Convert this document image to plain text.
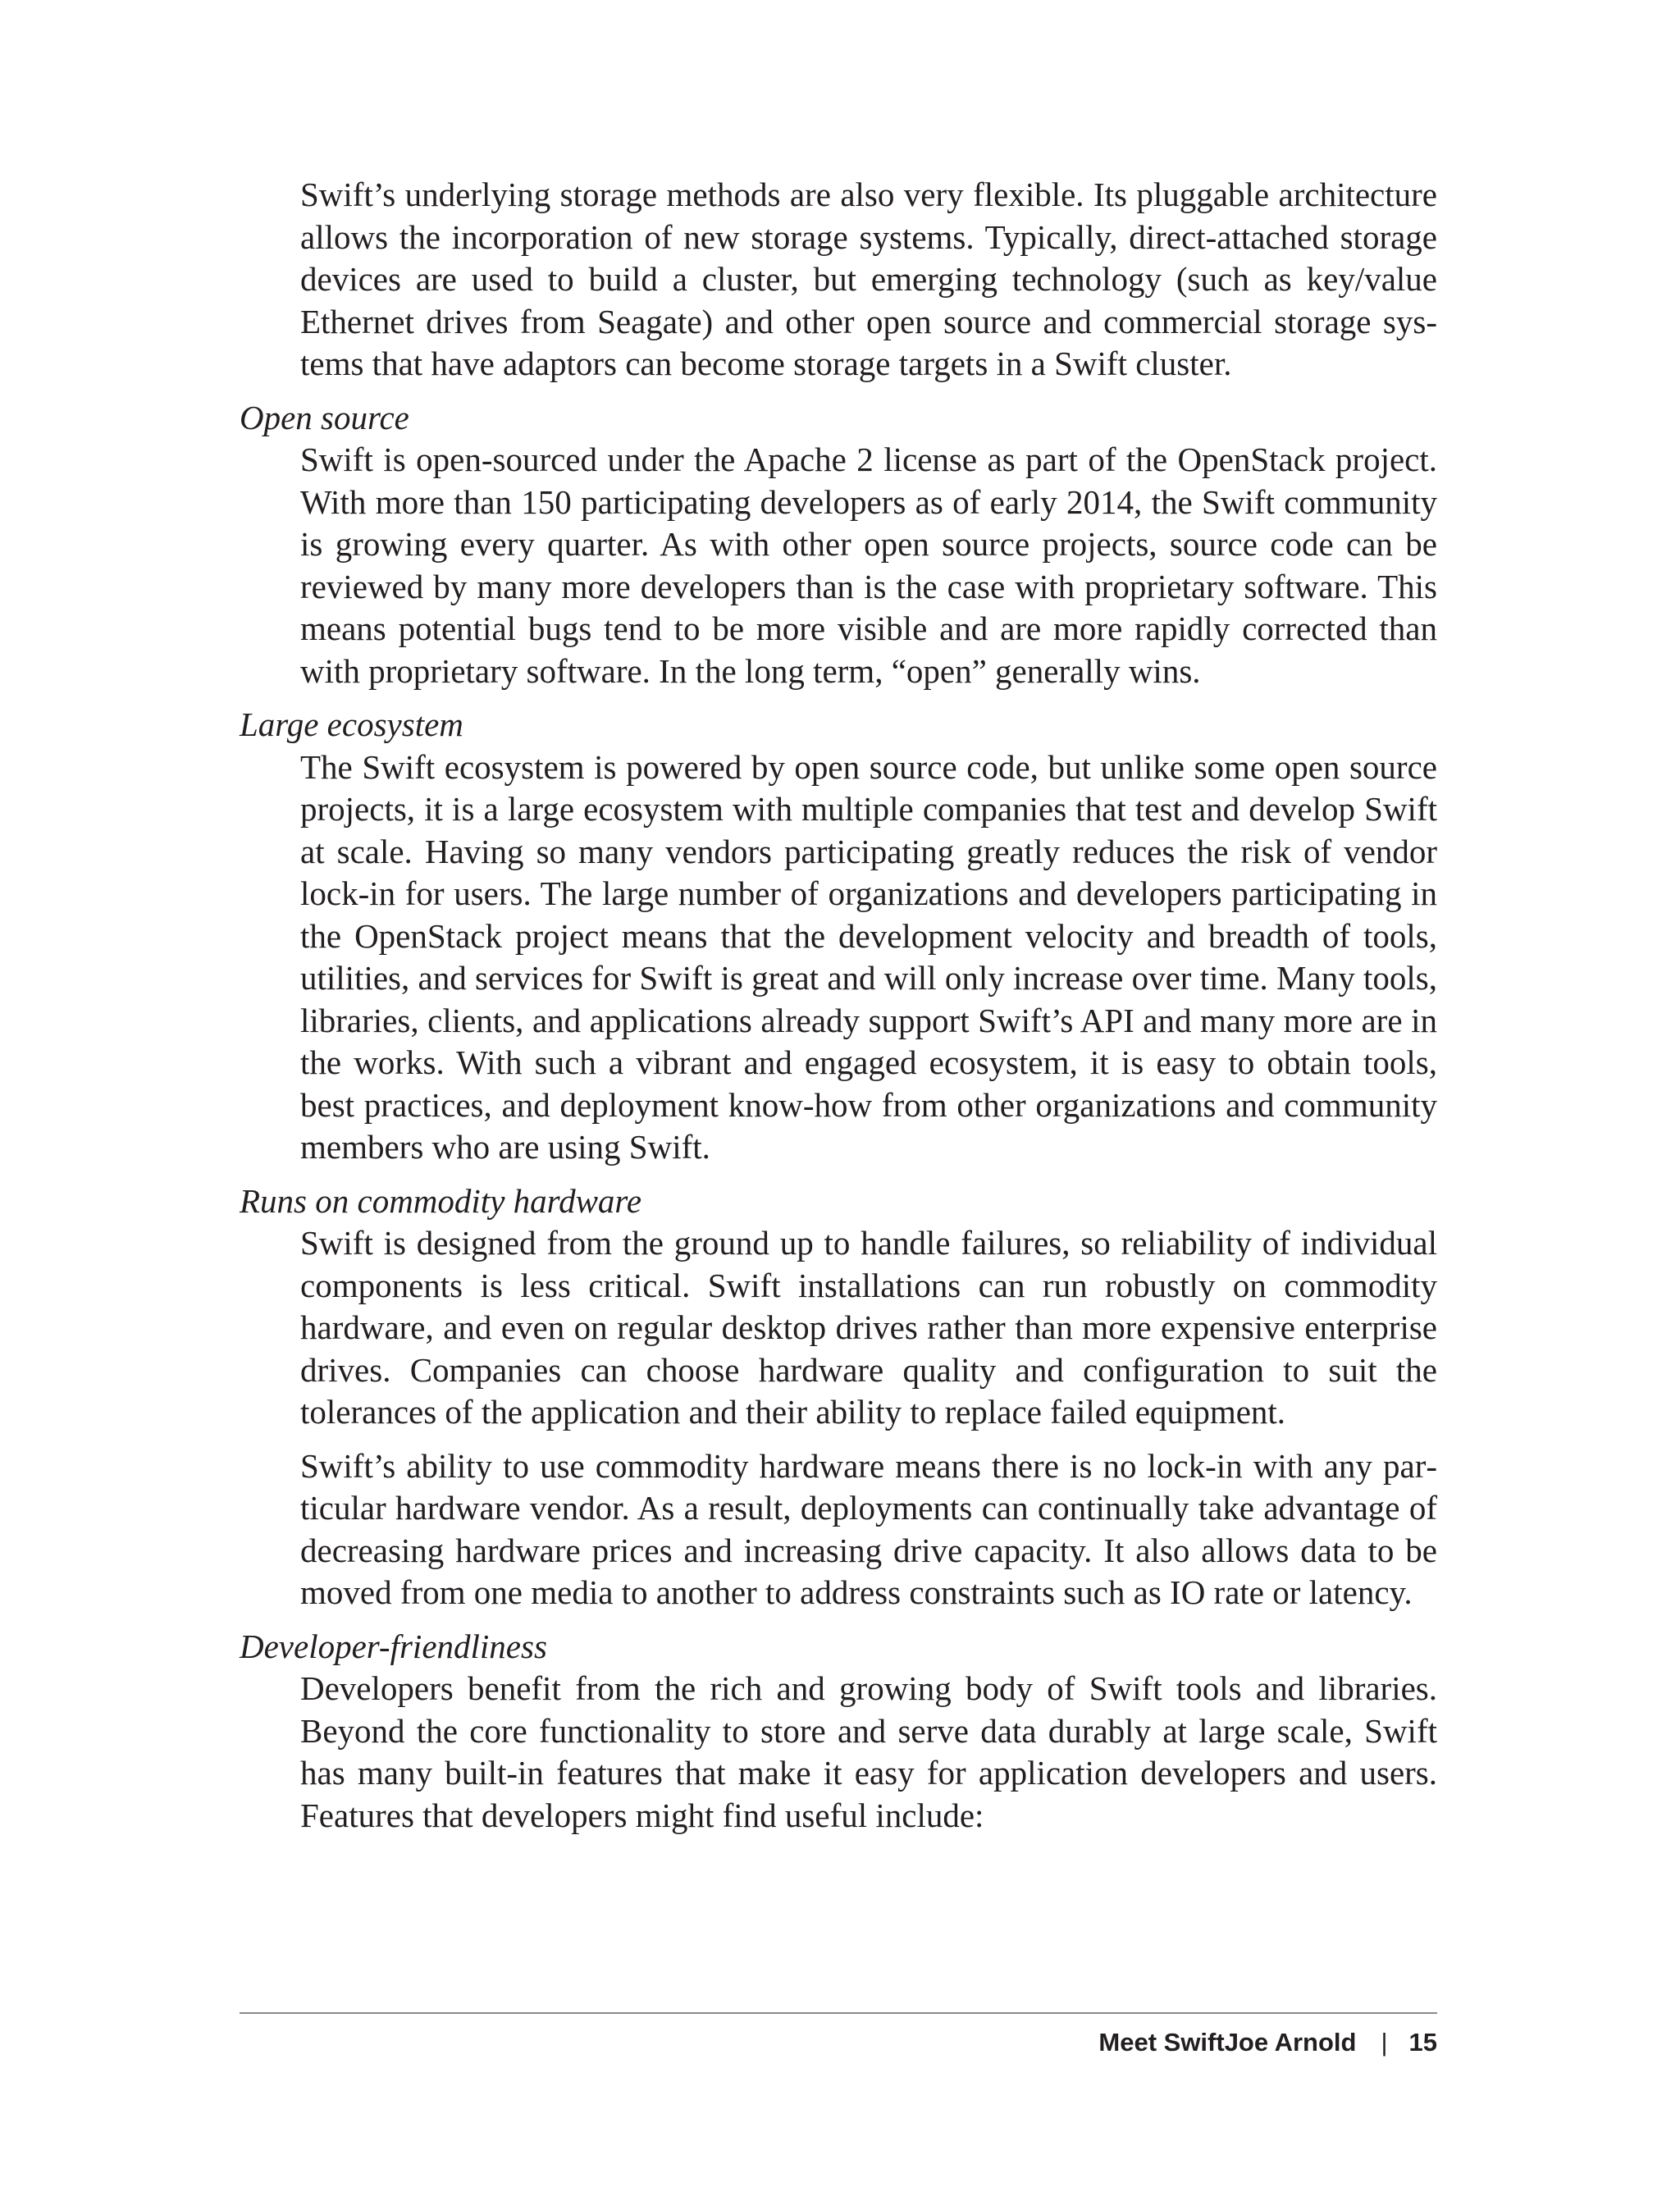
Swift’s underlying storage methods are also very flexible. Its pluggable architecture allows the incorporation of new storage systems. Typically, direct-attached storage devices are used to build a cluster, but emerging technology (such as key/value Ethernet drives from Seagate) and other open source and commercial storage systems that have adaptors can become storage targets in a Swift cluster.

Open source

Swift is open-sourced under the Apache 2 license as part of the OpenStack project. With more than 150 participating developers as of early 2014, the Swift community is growing every quarter. As with other open source projects, source code can be reviewed by many more developers than is the case with proprietary software. This means potential bugs tend to be more visible and are more rapidly corrected than with proprietary software. In the long term, “open” generally wins.

Large ecosystem

The Swift ecosystem is powered by open source code, but unlike some open source projects, it is a large ecosystem with multiple companies that test and develop Swift at scale. Having so many vendors participating greatly reduces the risk of vendor lock-in for users. The large number of organizations and developers participating in the OpenStack project means that the development velocity and breadth of tools, utilities, and services for Swift is great and will only increase over time. Many tools, libraries, clients, and applications already support Swift’s API and many more are in the works. With such a vibrant and engaged ecosystem, it is easy to obtain tools, best practices, and deployment know-how from other organizations and community members who are using Swift.

Runs on commodity hardware

Swift is designed from the ground up to handle failures, so reliability of individual components is less critical. Swift installations can run robustly on commodity hardware, and even on regular desktop drives rather than more expensive enterprise drives. Companies can choose hardware quality and configuration to suit the tolerances of the application and their ability to replace failed equipment.

Swift’s ability to use commodity hardware means there is no lock-in with any particular hardware vendor. As a result, deployments can continually take advantage of decreasing hardware prices and increasing drive capacity. It also allows data to be moved from one media to another to address constraints such as IO rate or latency.

Developer-friendliness

Developers benefit from the rich and growing body of Swift tools and libraries. Beyond the core functionality to store and serve data durably at large scale, Swift has many built-in features that make it easy for application developers and users. Features that developers might find useful include:

Meet SwiftJoe Arnold | 15
